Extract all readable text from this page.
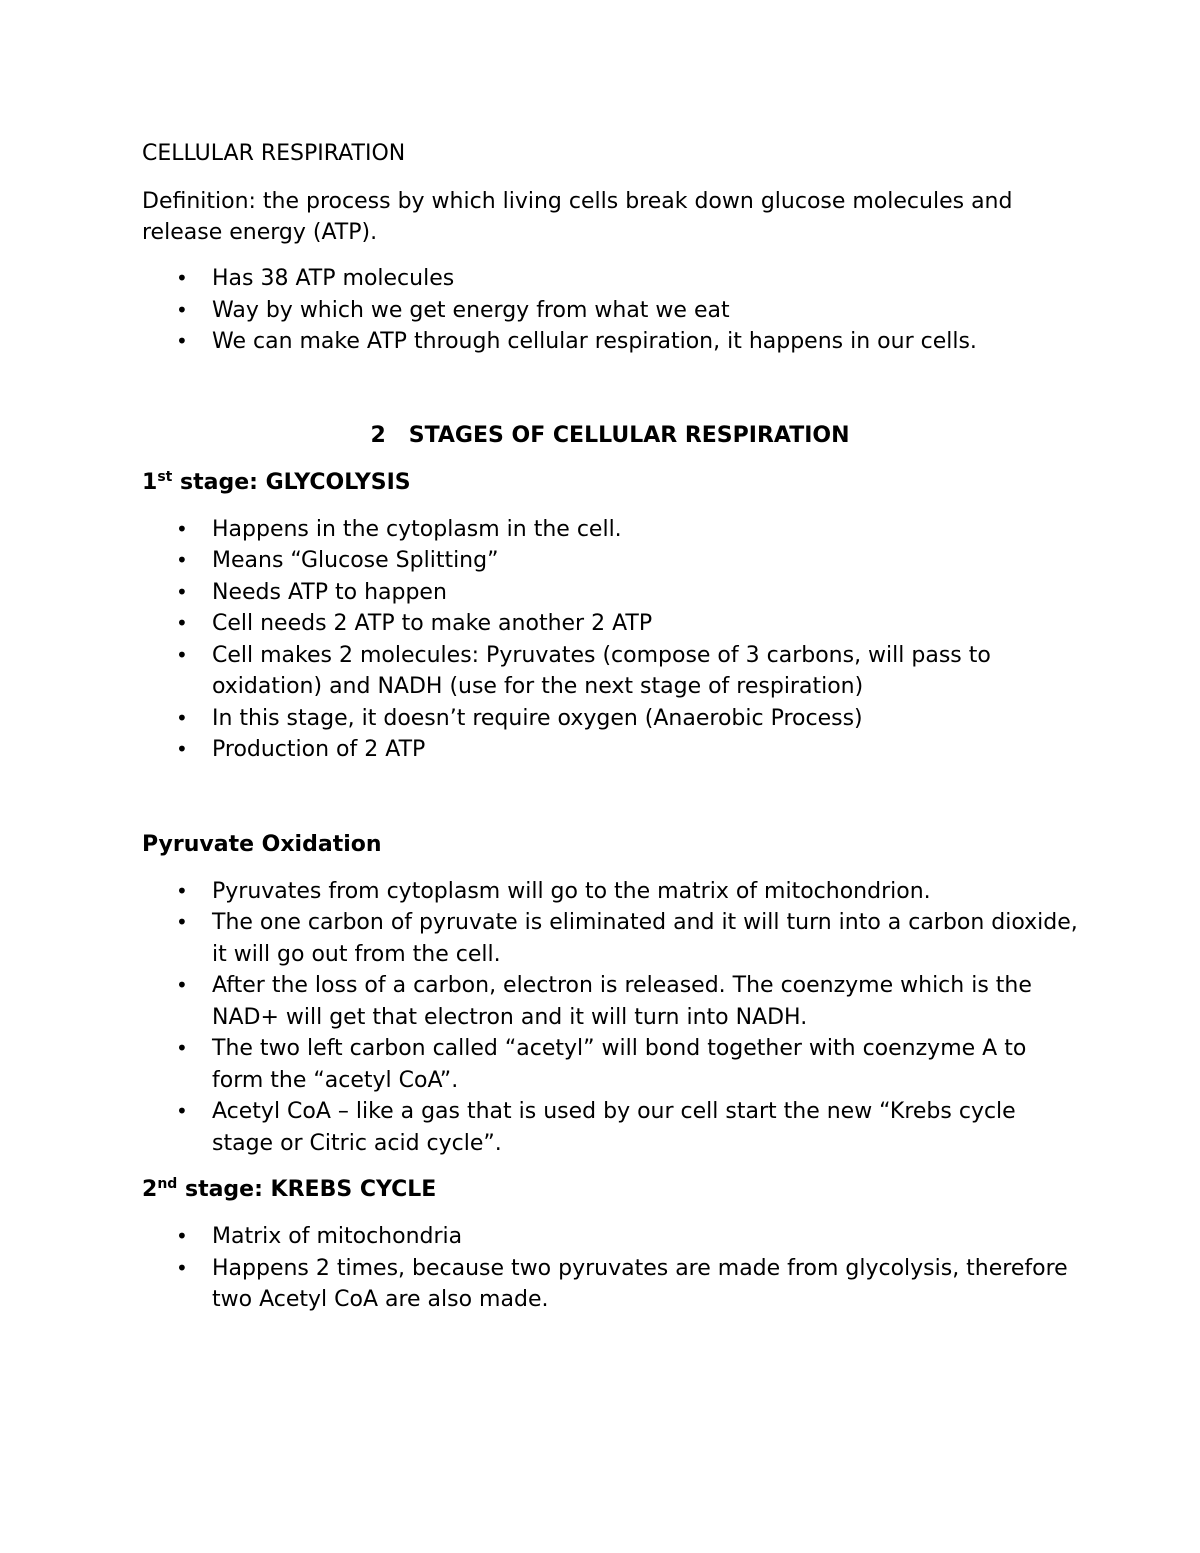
CELLULAR RESPIRATION

Definition: the process by which living cells break down glucose molecules and release energy (ATP).

• Has 38 ATP molecules
• Way by which we get energy from what we eat
• We can make ATP through cellular respiration, it happens in our cells.
2   STAGES OF CELLULAR RESPIRATION
1st stage: GLYCOLYSIS
• Happens in the cytoplasm in the cell.
• Means “Glucose Splitting”
• Needs ATP to happen
• Cell needs 2 ATP to make another 2 ATP
• Cell makes 2 molecules: Pyruvates (compose of 3 carbons, will pass to oxidation) and NADH (use for the next stage of respiration)
• In this stage, it doesn’t require oxygen (Anaerobic Process)
• Production of 2 ATP
Pyruvate Oxidation
• Pyruvates from cytoplasm will go to the matrix of mitochondrion.
• The one carbon of pyruvate is eliminated and it will turn into a carbon dioxide, it will go out from the cell.
• After the loss of a carbon, electron is released. The coenzyme which is the NAD+ will get that electron and it will turn into NADH.
• The two left carbon called “acetyl” will bond together with coenzyme A to form the “acetyl CoA”.
• Acetyl CoA – like a gas that is used by our cell start the new “Krebs cycle stage or Citric acid cycle”.
2nd stage: KREBS CYCLE
• Matrix of mitochondria
• Happens 2 times, because two pyruvates are made from glycolysis, therefore two Acetyl CoA are also made.
